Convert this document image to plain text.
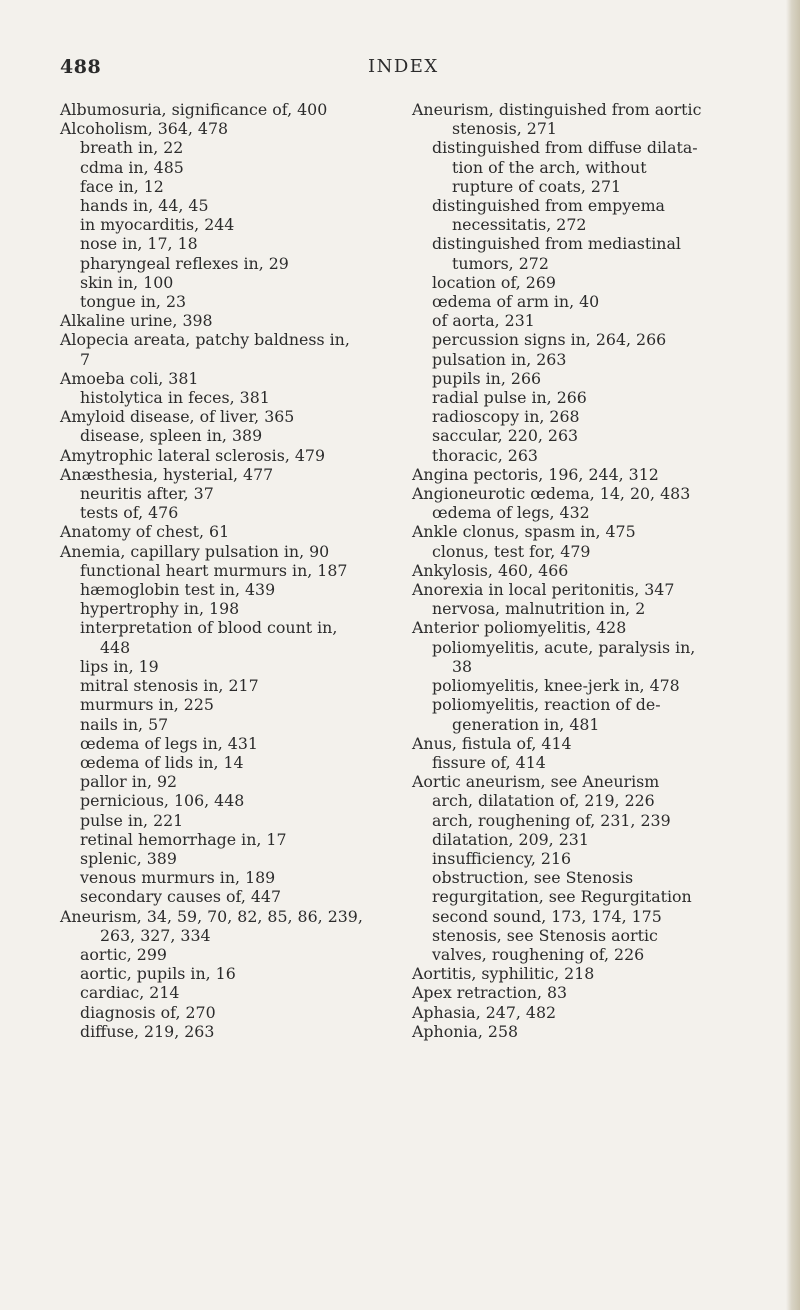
488	INDEX
Albumosuria, significance of, 400
Alcoholism, 364, 478
breath in, 22
cdma in, 485
face in, 12
hands in, 44, 45
in myocarditis, 244
nose in, 17, 18
pharyngeal reflexes in, 29
skin in, 100
tongue in, 23
Alkaline urine, 398
Alopecia areata, patchy baldness in,
7
Amoeba coli, 381
histolytica in feces, 381
Amyloid disease, of liver, 365
disease, spleen in, 389
Amytrophic lateral sclerosis, 479
Anæsthesia, hysterial, 477
neuritis after, 37
tests of, 476
Anatomy of chest, 61
Anemia, capillary pulsation in, 90
functional heart murmurs in, 187
hæmoglobin test in, 439
hypertrophy in, 198
interpretation of blood count in,
448
lips in, 19
mitral stenosis in, 217
murmurs in, 225
nails in, 57
œdema of legs in, 431
œdema of lids in, 14
pallor in, 92
pernicious, 106, 448
pulse in, 221
retinal hemorrhage in, 17
splenic, 389
venous murmurs in, 189
secondary causes of, 447
Aneurism, 34, 59, 70, 82, 85, 86, 239,
263, 327, 334
aortic, 299
aortic, pupils in, 16
cardiac, 214
diagnosis of, 270
diffuse, 219, 263
Aneurism, distinguished from aortic
stenosis, 271
distinguished from diffuse dilata-
tion of the arch, without
rupture of coats, 271
distinguished from empyema
necessitatis, 272
distinguished from mediastinal
tumors, 272
location of, 269
œdema of arm in, 40
of aorta, 231
percussion signs in, 264, 266
pulsation in, 263
pupils in, 266
radial pulse in, 266
radioscopy in, 268
saccular, 220, 263
thoracic, 263
Angina pectoris, 196, 244, 312
Angioneurotic œdema, 14, 20, 483
œdema of legs, 432
Ankle clonus, spasm in, 475
clonus, test for, 479
Ankylosis, 460, 466
Anorexia in local peritonitis, 347
nervosa, malnutrition in, 2
Anterior poliomyelitis, 428
poliomyelitis, acute, paralysis in,
38
poliomyelitis, knee-jerk in, 478
poliomyelitis, reaction of de-
generation in, 481
Anus, fistula of, 414
fissure of, 414
Aortic aneurism, see Aneurism
arch, dilatation of, 219, 226
arch, roughening of, 231, 239
dilatation, 209, 231
insufficiency, 216
obstruction, see Stenosis
regurgitation, see Regurgitation
second sound, 173, 174, 175
stenosis, see Stenosis aortic
valves, roughening of, 226
Aortitis, syphilitic, 218
Apex retraction, 83
Aphasia, 247, 482
Aphonia, 258
